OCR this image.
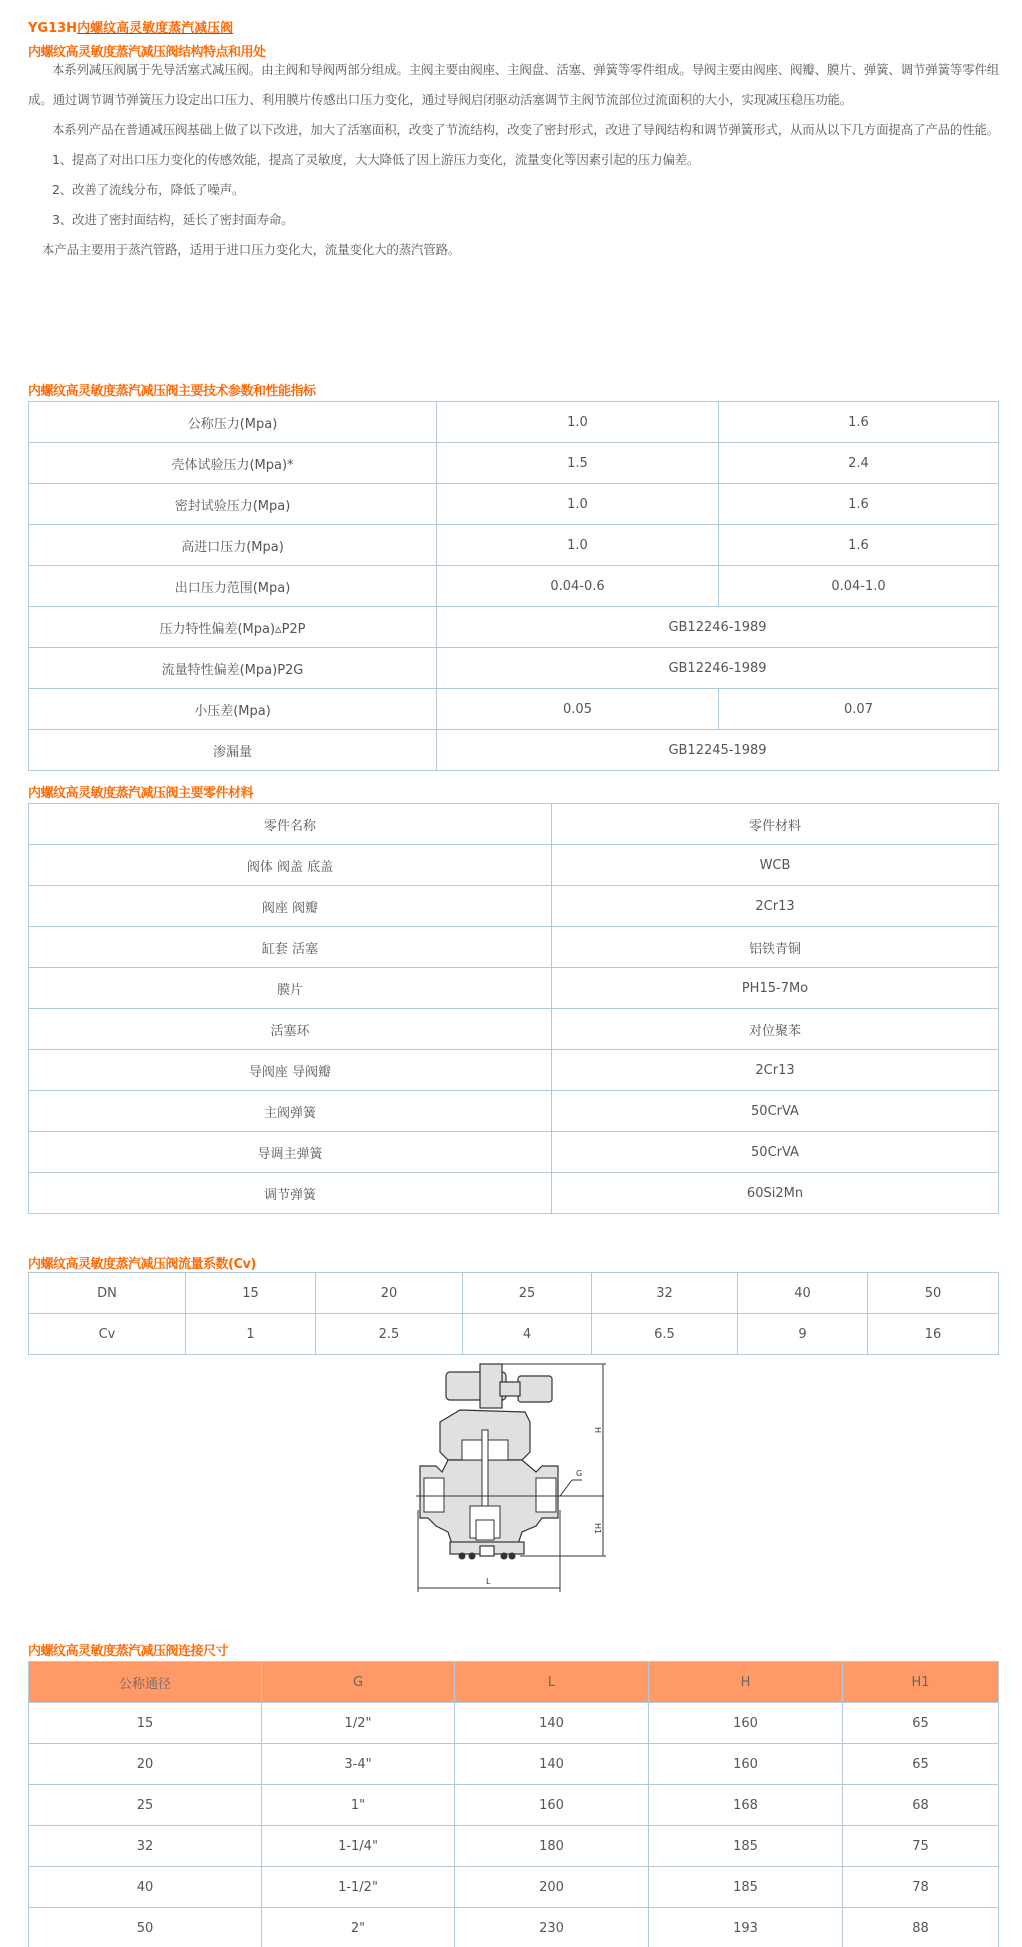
YG13H内螺纹高灵敏度蒸汽减压阀
内螺纹高灵敏度蒸汽减压阀结构特点和用处

本系列减压阀属于先导活塞式减压阀。由主阀和导阀两部分组成。主阀主要由阀座、主阀盘、活塞、弹簧等零件组成。导阀主要由阀座、阀瓣、膜片、弹簧、调节弹簧等零件组成。通过调节调节弹簧压力设定出口压力、利用膜片传感出口压力变化，通过导阀启闭驱动活塞调节主阀节流部位过流面积的大小，实现减压稳压功能。

本系列产品在普通减压阀基础上做了以下改进，加大了活塞面积，改变了节流结构，改变了密封形式，改进了导阀结构和调节弹簧形式，从而从以下几方面提高了产品的性能。

1、提高了对出口压力变化的传感效能，提高了灵敏度，大大降低了因上游压力变化，流量变化等因素引起的压力偏差。

2、改善了流线分布，降低了噪声。

3、改进了密封面结构，延长了密封面寿命。

本产品主要用于蒸汽管路，适用于进口压力变化大，流量变化大的蒸汽管路。

内螺纹高灵敏度蒸汽减压阀主要技术参数和性能指标
公称压力(Mpa)	1.0	1.6
壳体试验压力(Mpa)*	1.5	2.4
密封试验压力(Mpa)	1.0	1.6
高进口压力(Mpa)	1.0	1.6
出口压力范围(Mpa)	0.04-0.6	0.04-1.0
压力特性偏差(Mpa)▵P2P	GB12246-1989	
流量特性偏差(Mpa)P2G	GB12246-1989	
小压差(Mpa)	0.05	0.07
渗漏量	GB12245-1989	
内螺纹高灵敏度蒸汽减压阀主要零件材料
零件名称	零件材料
阀体 阀盖 底盖	WCB
阀座 阀瓣	2Cr13
缸套 活塞	铝铁青铜
膜片	PH15-7Mo
活塞环	对位聚苯
导阀座 导阀瓣	2Cr13
主阀弹簧	50CrVA
导调主弹簧	50CrVA
调节弹簧	60Si2Mn
内螺纹高灵敏度蒸汽减压阀流量系数(Cv)
DN	15	20	25	32	40	50
Cv	1	2.5	4	6.5	9	16
H
H1
G
L
内螺纹高灵敏度蒸汽减压阀连接尺寸
公称通径	G	L	H	H1
15	1/2"	140	160	65
20	3-4"	140	160	65
25	1"	160	168	68
32	1-1/4"	180	185	75
40	1-1/2"	200	185	78
50	2"	230	193	88
